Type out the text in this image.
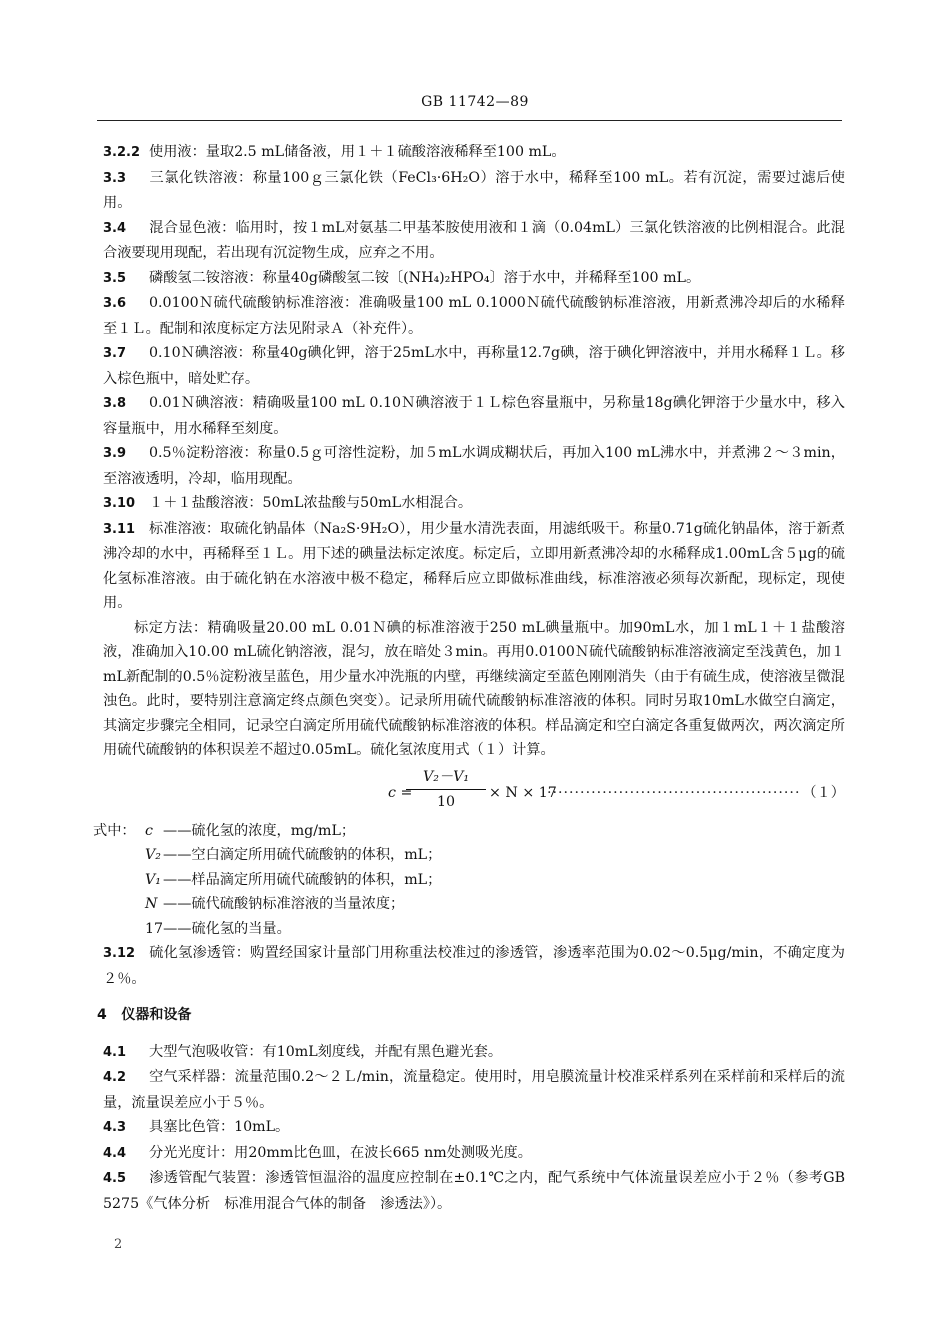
GB 11742—89

3.2.2 使用液：量取2.5 mL储备液，用１＋１硫酸溶液稀释至100 mL。

3.3 三氯化铁溶液：称量100ｇ三氯化铁（FeCl₃·6H₂O）溶于水中，稀释至100 mL。若有沉淀，需要过滤后使用。

3.4 混合显色液：临用时，按１mL对氨基二甲基苯胺使用液和１滴（0.04mL）三氯化铁溶液的比例相混合。此混合液要现用现配，若出现有沉淀物生成，应弃之不用。

3.5 磷酸氢二铵溶液：称量40g磷酸氢二铵〔(NH₄)₂HPO₄〕溶于水中，并稀释至100 mL。

3.6 0.0100Ｎ硫代硫酸钠标准溶液：准确吸量100 mL 0.1000Ｎ硫代硫酸钠标准溶液，用新煮沸冷却后的水稀释至１Ｌ。配制和浓度标定方法见附录Ａ（补充件）。

3.7 0.10Ｎ碘溶液：称量40g碘化钾，溶于25mL水中，再称量12.7g碘，溶于碘化钾溶液中，并用水稀释１Ｌ。移入棕色瓶中，暗处贮存。

3.8 0.01Ｎ碘溶液：精确吸量100 mL 0.10Ｎ碘溶液于１Ｌ棕色容量瓶中，另称量18g碘化钾溶于少量水中，移入容量瓶中，用水稀释至刻度。

3.9 0.5％淀粉溶液：称量0.5ｇ可溶性淀粉，加５mL水调成糊状后，再加入100 mL沸水中，并煮沸２～３min，至溶液透明，冷却，临用现配。

3.10 １＋１盐酸溶液：50mL浓盐酸与50mL水相混合。

3.11 标准溶液：取硫化钠晶体（Na₂S·9H₂O），用少量水清洗表面，用滤纸吸干。称量0.71g硫化钠晶体，溶于新煮沸冷却的水中，再稀释至１Ｌ。用下述的碘量法标定浓度。标定后，立即用新煮沸冷却的水稀释成1.00mL含５μg的硫化氢标准溶液。由于硫化钠在水溶液中极不稳定，稀释后应立即做标准曲线，标准溶液必须每次新配，现标定，现使用。

标定方法：精确吸量20.00 mL 0.01Ｎ碘的标准溶液于250 mL碘量瓶中。加90mL水，加１mL１＋１盐酸溶液，准确加入10.00 mL硫化钠溶液，混匀，放在暗处３min。再用0.0100Ｎ硫代硫酸钠标准溶液滴定至浅黄色，加１mL新配制的0.5％淀粉液呈蓝色，用少量水冲洗瓶的内壁，再继续滴定至蓝色刚刚消失（由于有硫生成，使溶液呈微混浊色。此时，要特别注意滴定终点颜色突变）。记录所用硫代硫酸钠标准溶液的体积。同时另取10mL水做空白滴定，其滴定步骤完全相同，记录空白滴定所用硫代硫酸钠标准溶液的体积。样品滴定和空白滴定各重复做两次，两次滴定所用硫代硫酸钠的体积误差不超过0.05mL。硫化氢浓度用式（１）计算。

c =
$\frac{\text{V₂－V₁}}{10} \times N \times 17$
·············································· （１）
式中： c ——硫化氢的浓度，mg/mL；
V₂ ——空白滴定所用硫代硫酸钠的体积，mL；
V₁ ——样品滴定所用硫代硫酸钠的体积，mL；
N ——硫代硫酸钠标准溶液的当量浓度；
17——硫化氢的当量。

3.12 硫化氢渗透管：购置经国家计量部门用称重法校准过的渗透管，渗透率范围为0.02～0.5μg/min，不确定度为２％。

4 仪器和设备

4.1 大型气泡吸收管：有10mL刻度线，并配有黑色避光套。

4.2 空气采样器：流量范围0.2～２Ｌ/min，流量稳定。使用时，用皂膜流量计校准采样系列在采样前和采样后的流量，流量误差应小于５％。

4.3 具塞比色管：10mL。

4.4 分光光度计：用20mm比色皿，在波长665 nm处测吸光度。

4.5 渗透管配气装置：渗透管恒温浴的温度应控制在±0.1℃之内，配气系统中气体流量误差应小于２％（参考GB 5275《气体分析　标准用混合气体的制备　渗透法》）。

2
